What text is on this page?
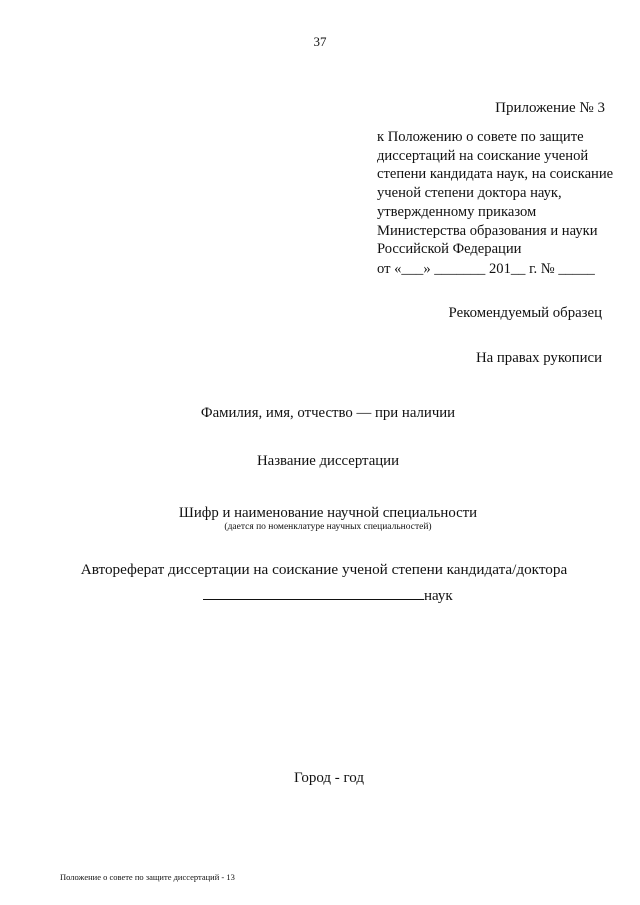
37
Приложение № 3
к Положению о совете по защите
диссертаций на соискание ученой
степени кандидата наук, на соискание
ученой степени доктора наук,
утвержденному приказом
Министерства образования и науки
Российской Федерации
от «___» _______ 201__ г. № _____
Рекомендуемый образец
На правах рукописи
Фамилия, имя, отчество — при наличии
Название диссертации
Шифр и наименование научной специальности
(дается по номенклатуре научных специальностей)
Автореферат диссертации на соискание ученой степени кандидата/доктора
наук
Город - год
Положение о совете по защите диссертаций - 13
